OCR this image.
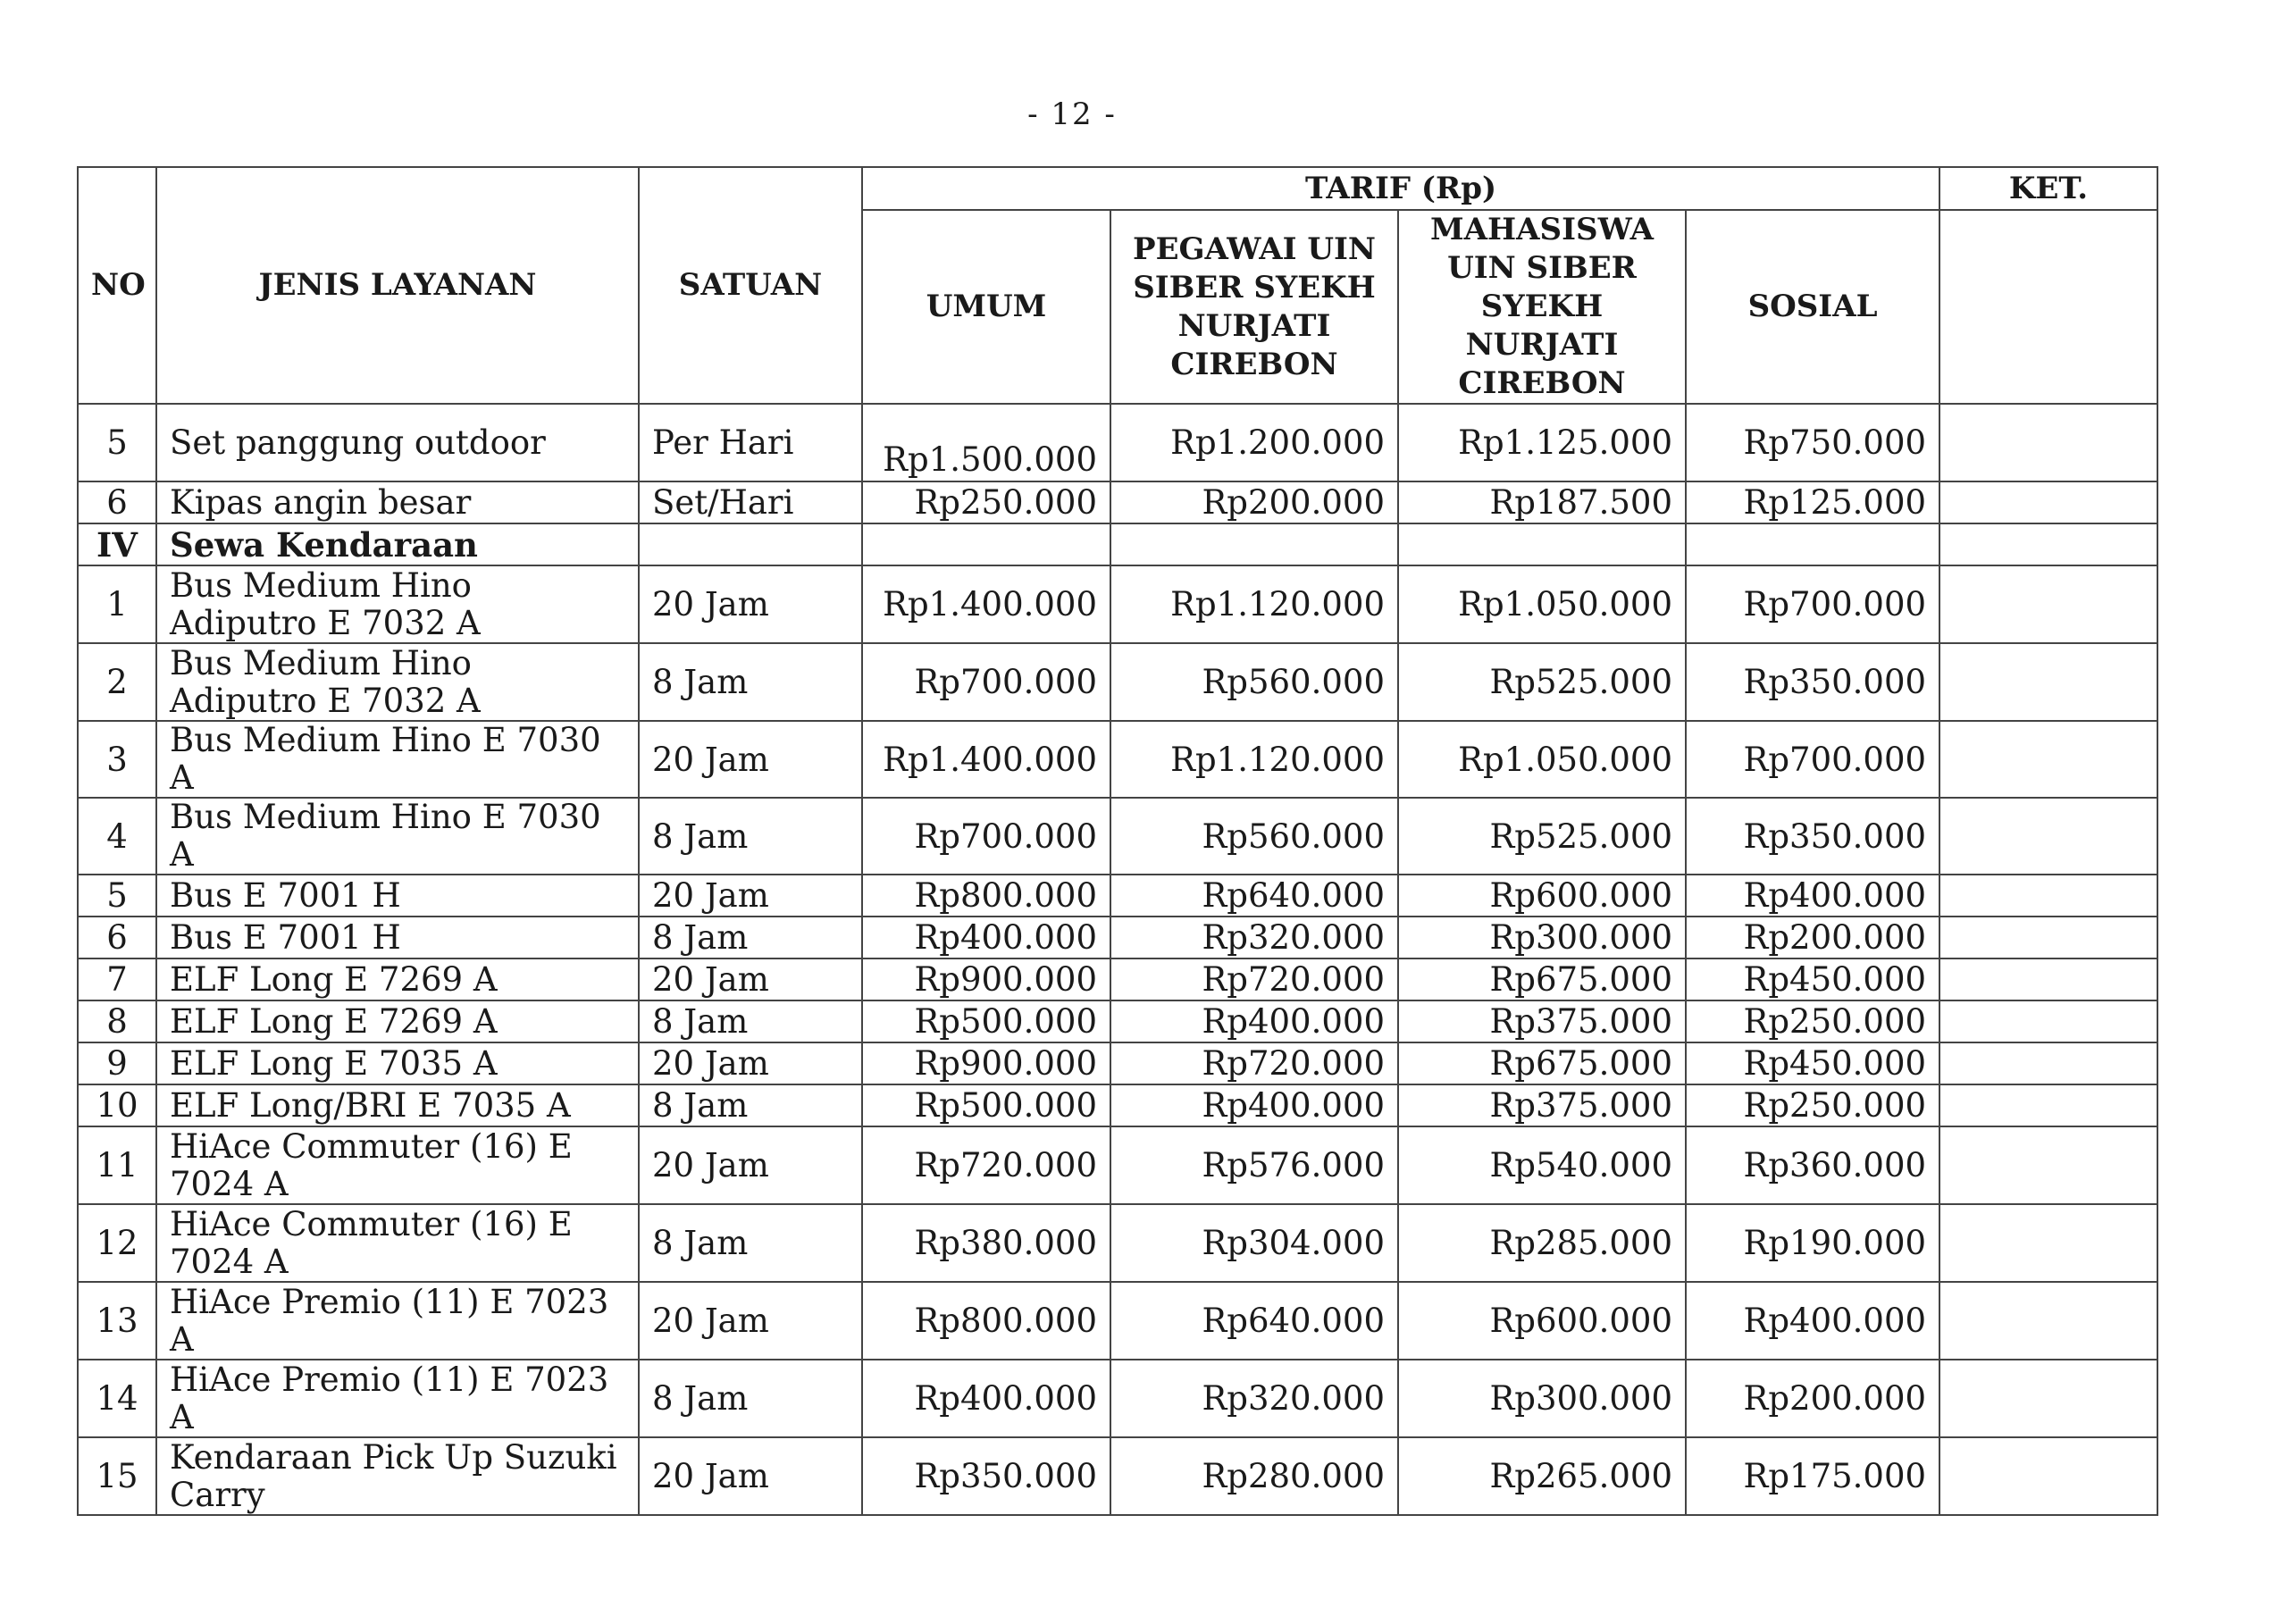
- 12 -
NO	JENIS LAYANAN	SATUAN	TARIF (Rp)				KET.
			UMUM	PEGAWAI UIN SIBER SYEKH NURJATI CIREBON	MAHASISWA UIN SIBER SYEKH NURJATI CIREBON	SOSIAL	
5	Set panggung outdoor	Per Hari	Rp1.500.000	Rp1.200.000	Rp1.125.000	Rp750.000	
6	Kipas angin besar	Set/Hari	Rp250.000	Rp200.000	Rp187.500	Rp125.000	
IV	Sewa Kendaraan						
1	Bus Medium Hino Adiputro E 7032 A	20 Jam	Rp1.400.000	Rp1.120.000	Rp1.050.000	Rp700.000	
2	Bus Medium Hino Adiputro E 7032 A	8 Jam	Rp700.000	Rp560.000	Rp525.000	Rp350.000	
3	Bus Medium Hino E 7030 A	20 Jam	Rp1.400.000	Rp1.120.000	Rp1.050.000	Rp700.000	
4	Bus Medium Hino E 7030 A	8 Jam	Rp700.000	Rp560.000	Rp525.000	Rp350.000	
5	Bus E 7001 H	20 Jam	Rp800.000	Rp640.000	Rp600.000	Rp400.000	
6	Bus E 7001 H	8 Jam	Rp400.000	Rp320.000	Rp300.000	Rp200.000	
7	ELF Long E 7269 A	20 Jam	Rp900.000	Rp720.000	Rp675.000	Rp450.000	
8	ELF Long E 7269 A	8 Jam	Rp500.000	Rp400.000	Rp375.000	Rp250.000	
9	ELF Long E 7035 A	20 Jam	Rp900.000	Rp720.000	Rp675.000	Rp450.000	
10	ELF Long/BRI E 7035 A	8 Jam	Rp500.000	Rp400.000	Rp375.000	Rp250.000	
11	HiAce Commuter (16) E 7024 A	20 Jam	Rp720.000	Rp576.000	Rp540.000	Rp360.000	
12	HiAce Commuter (16) E 7024 A	8 Jam	Rp380.000	Rp304.000	Rp285.000	Rp190.000	
13	HiAce Premio (11) E 7023 A	20 Jam	Rp800.000	Rp640.000	Rp600.000	Rp400.000	
14	HiAce Premio (11) E 7023 A	8 Jam	Rp400.000	Rp320.000	Rp300.000	Rp200.000	
15	Kendaraan Pick Up Suzuki Carry	20 Jam	Rp350.000	Rp280.000	Rp265.000	Rp175.000	
